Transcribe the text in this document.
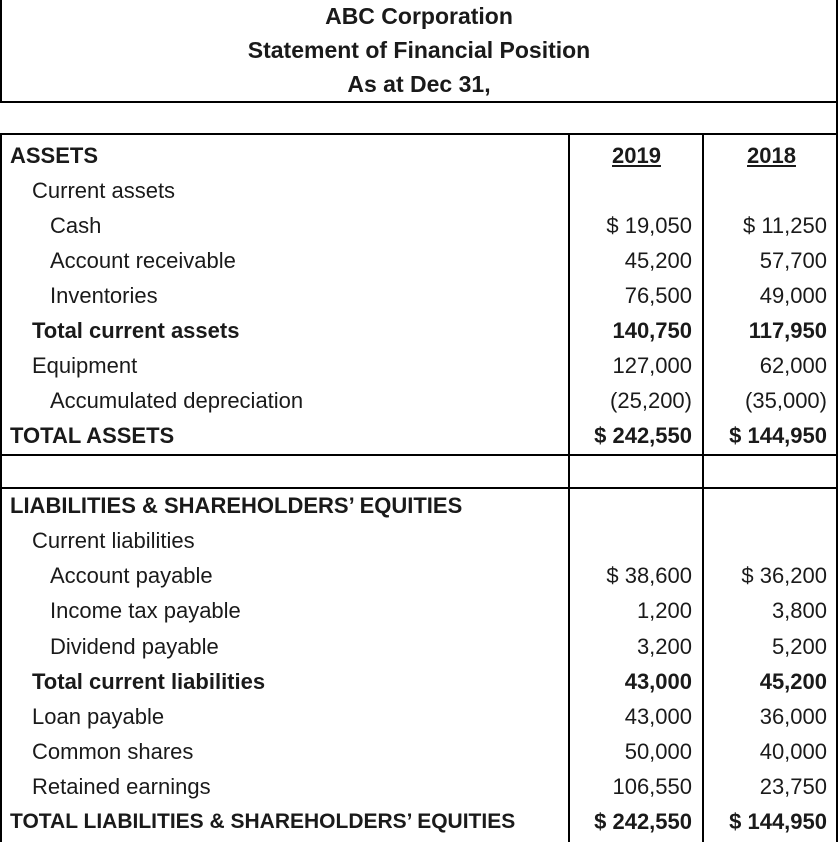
ABC Corporation
Statement of Financial Position
As at Dec 31,
ASSETS	2019	2018
Current assets
Cash	$ 19,050	$ 11,250
Account receivable	45,200	57,700
Inventories	76,500	49,000
Total current assets	140,750	117,950
Equipment	127,000	62,000
Accumulated depreciation	(25,200)	(35,000)
TOTAL ASSETS	$ 242,550	$ 144,950
LIABILITIES & SHAREHOLDERS’ EQUITIES
Current liabilities
Account payable	$ 38,600	$ 36,200
Income tax payable	1,200	3,800
Dividend payable	3,200	5,200
Total current liabilities	43,000	45,200
Loan payable	43,000	36,000
Common shares	50,000	40,000
Retained earnings	106,550	23,750
TOTAL LIABILITIES & SHAREHOLDERS’ EQUITIES	$ 242,550	$ 144,950
